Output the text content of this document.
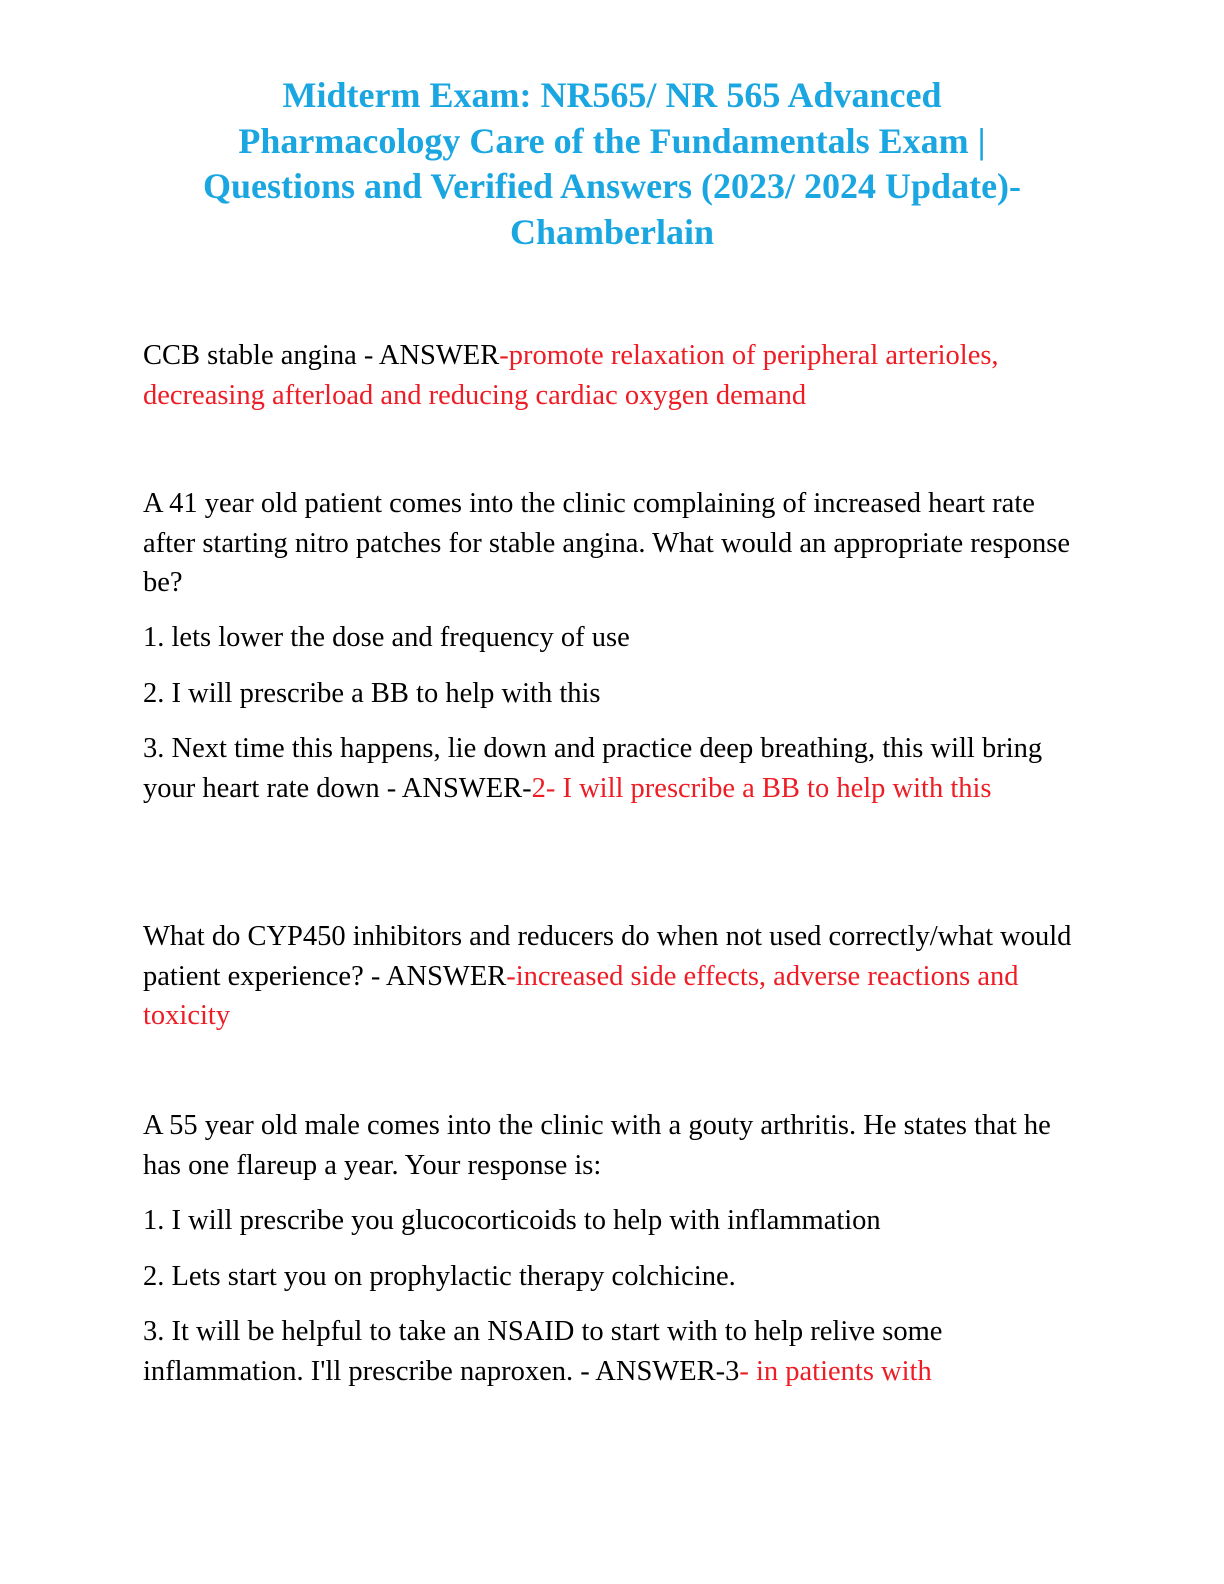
Midterm Exam: NR565/ NR 565 Advanced
Pharmacology Care of the Fundamentals Exam |
Questions and Verified Answers (2023/ 2024 Update)-
Chamberlain

CCB stable angina - ANSWER-promote relaxation of peripheral arterioles, decreasing afterload and reducing cardiac oxygen demand

A 41 year old patient comes into the clinic complaining of increased heart rate after starting nitro patches for stable angina. What would an appropriate response be?

1. lets lower the dose and frequency of use

2. I will prescribe a BB to help with this

3. Next time this happens, lie down and practice deep breathing, this will bring your heart rate down - ANSWER-2- I will prescribe a BB to help with this

What do CYP450 inhibitors and reducers do when not used correctly/what would patient experience? - ANSWER-increased side effects, adverse reactions and toxicity

A 55 year old male comes into the clinic with a gouty arthritis. He states that he has one flareup a year. Your response is:

1. I will prescribe you glucocorticoids to help with inflammation

2. Lets start you on prophylactic therapy colchicine.

3. It will be helpful to take an NSAID to start with to help relive some inflammation. I'll prescribe naproxen. - ANSWER-3- in patients with
